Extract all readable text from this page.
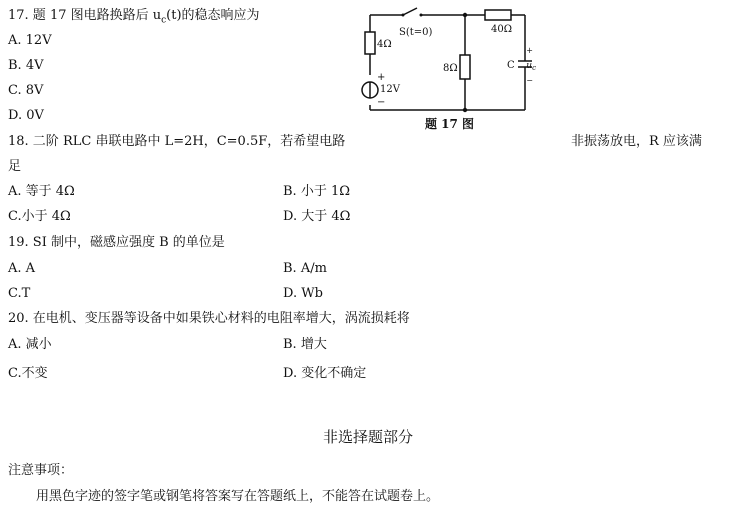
17. 题 17 图电路换路后 $u_c(t)$的稳态响应为
A. 12V
B. 4V
C. 8V
D. 0V
4Ω
S(t=0)	40Ω
8Ω
12V
+
−
C
+
−
$u_c$
题 17 图
18. 二阶 RLC 串联电路中 L=2H，C=0.5F，若希望电路	非振荡放电，R 应该满
足
A. 等于 4Ω	B. 小于 1Ω
C.小于 4Ω	D. 大于 4Ω
19. SI 制中，磁感应强度 B 的单位是
A. A	B. A/m
C.T	D. Wb
20. 在电机、变压器等设备中如果铁心材料的电阻率增大，涡流损耗将
A. 减小	B. 增大
C.不变	D. 变化不确定
非选择题部分
注意事项：
用黑色字迹的签字笔或钢笔将答案写在答题纸上，不能答在试题卷上。
